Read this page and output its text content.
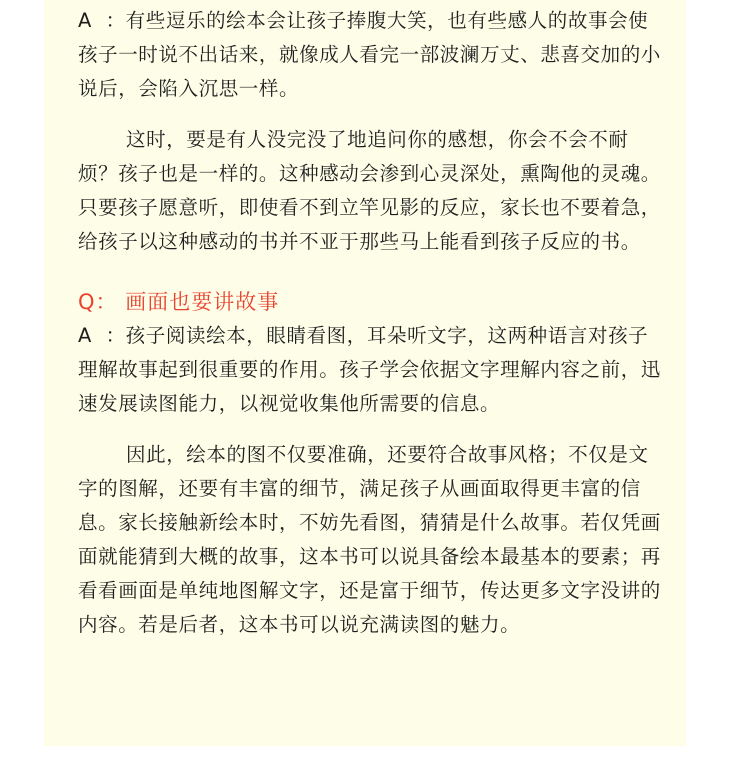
A ：有些逗乐的绘本会让孩子捧腹大笑，也有些感人的故事会使孩子一时说不出话来，就像成人看完一部波澜万丈、悲喜交加的小说后，会陷入沉思一样。

这时，要是有人没完没了地追问你的感想，你会不会不耐烦？孩子也是一样的。这种感动会渗到心灵深处，熏陶他的灵魂。只要孩子愿意听，即使看不到立竿见影的反应，家长也不要着急，给孩子以这种感动的书并不亚于那些马上能看到孩子反应的书。

Q： 画面也要讲故事

A ：孩子阅读绘本，眼睛看图，耳朵听文字，这两种语言对孩子理解故事起到很重要的作用。孩子学会依据文字理解内容之前，迅速发展读图能力，以视觉收集他所需要的信息。

因此，绘本的图不仅要准确，还要符合故事风格；不仅是文字的图解，还要有丰富的细节，满足孩子从画面取得更丰富的信息。家长接触新绘本时，不妨先看图，猜猜是什么故事。若仅凭画面就能猜到大概的故事，这本书可以说具备绘本最基本的要素；再看看画面是单纯地图解文字，还是富于细节，传达更多文字没讲的内容。若是后者，这本书可以说充满读图的魅力。
